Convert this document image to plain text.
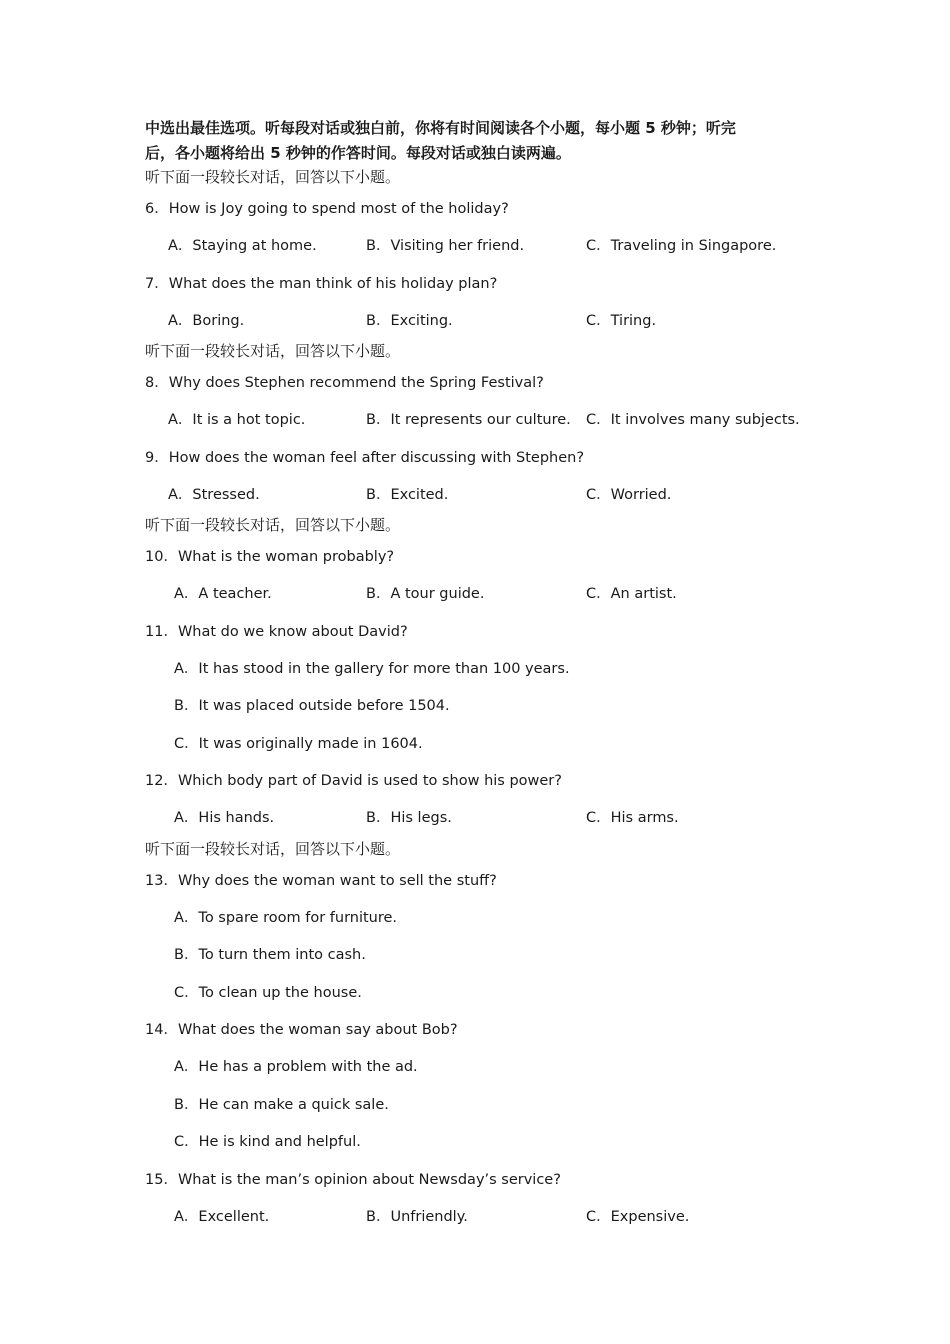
中选出最佳选项。听每段对话或独白前，你将有时间阅读各个小题，每小题 5 秒钟；听完
后，各小题将给出 5 秒钟的作答时间。每段对话或独白读两遍。
听下面一段较长对话，回答以下小题。
6．How is Joy going to spend most of the holiday?
A．Staying at home.	B．Visiting her friend.	C．Traveling in Singapore.
7．What does the man think of his holiday plan?
A．Boring.	B．Exciting.	C．Tiring.
听下面一段较长对话，回答以下小题。
8．Why does Stephen recommend the Spring Festival?
A．It is a hot topic.	B．It represents our culture. C．It involves many subjects.
9．How does the woman feel after discussing with Stephen?
A．Stressed.	B．Excited.	C．Worried.
听下面一段较长对话，回答以下小题。
10．What is the woman probably?
A．A teacher.	B．A tour guide.	C．An artist.
11．What do we know about David?
A．It has stood in the gallery for more than 100 years.
B．It was placed outside before 1504.
C．It was originally made in 1604.
12．Which body part of David is used to show his power?
A．His hands.	B．His legs.	C．His arms.
听下面一段较长对话，回答以下小题。
13．Why does the woman want to sell the stuff?
A．To spare room for furniture.
B．To turn them into cash.
C．To clean up the house.
14．What does the woman say about Bob?
A．He has a problem with the ad.
B．He can make a quick sale.
C．He is kind and helpful.
15．What is the man’s opinion about Newsday’s service?
A．Excellent.	B．Unfriendly.	C．Expensive.
